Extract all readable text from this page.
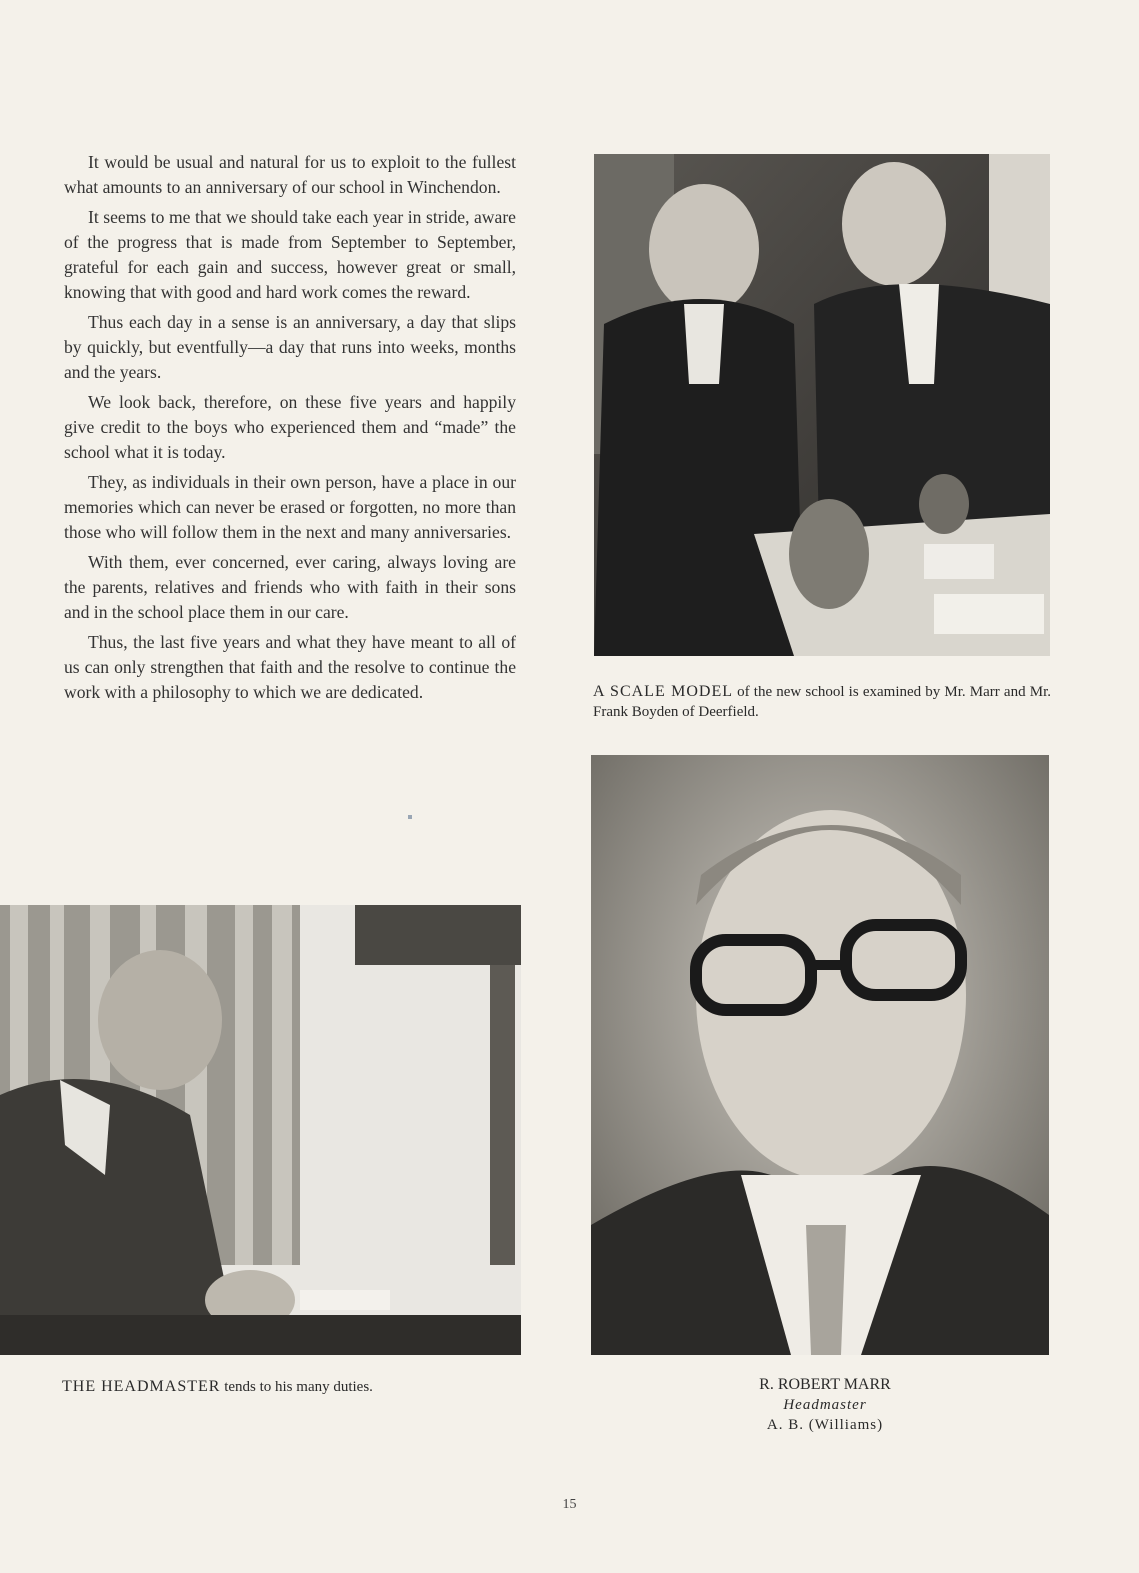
It would be usual and natural for us to exploit to the fullest what amounts to an anniversary of our school in Winchendon.

It seems to me that we should take each year in stride, aware of the progress that is made from September to September, grateful for each gain and success, however great or small, knowing that with good and hard work comes the reward.

Thus each day in a sense is an anniversary, a day that slips by quickly, but eventfully—a day that runs into weeks, months and the years.

We look back, therefore, on these five years and happily give credit to the boys who experienced them and “made” the school what it is today.

They, as individuals in their own person, have a place in our memories which can never be erased or forgotten, no more than those who will follow them in the next and many anniversaries.

With them, ever concerned, ever caring, always loving are the parents, relatives and friends who with faith in their sons and in the school place them in our care.

Thus, the last five years and what they have meant to all of us can only strengthen that faith and the resolve to continue the work with a philosophy to which we are dedicated.	A SCALE MODEL of the new school is examined by Mr. Marr and Mr. Frank Boyden of Deerfield.
THE HEADMASTER tends to his many duties.	R. ROBERT MARR
Headmaster
A. B. (Williams)
15
